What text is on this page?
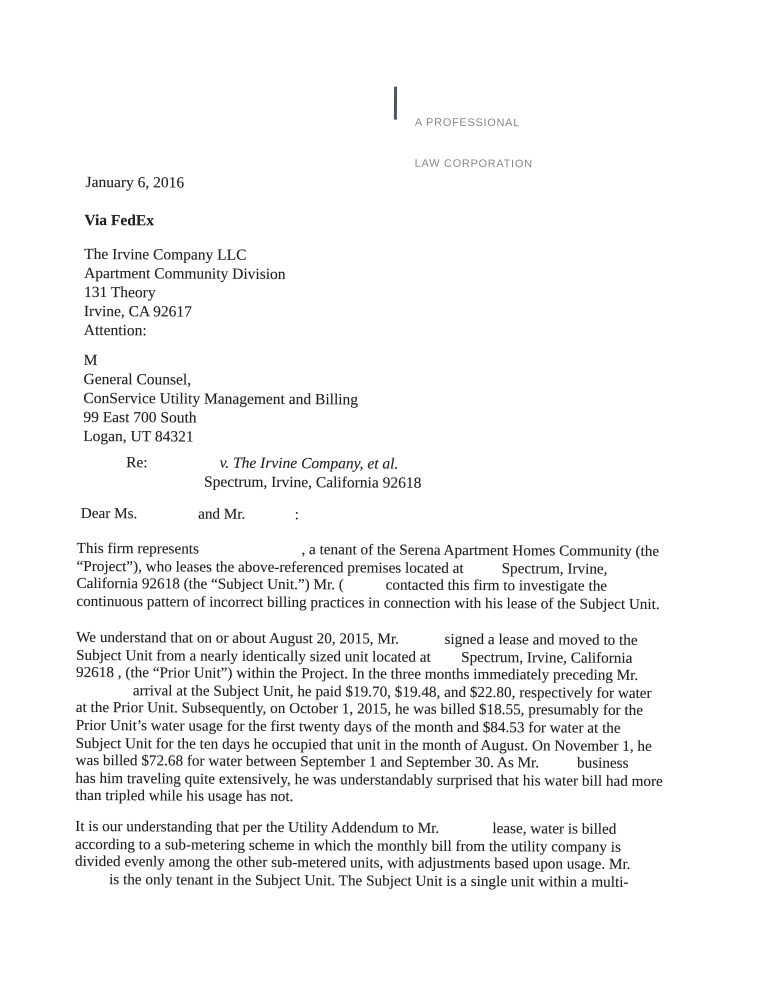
A PROFESSIONAL

LAW CORPORATION

January 6, 2016
Via FedEx
The Irvine Company LLC
Apartment Community Division
131 Theory
Irvine, CA 92617
Attention:
M
General Counsel,
ConService Utility Management and Billing
99 East 700 South
Logan, UT 84321
Re:	v. The Irvine Company, et al.
Spectrum, Irvine, California 92618
Dear Ms.                and Mr.             :
This firm represents                           , a tenant of the Serena Apartment Homes Community (the
“Project”), who leases the above-referenced premises located at          Spectrum, Irvine,
California 92618 (the “Subject Unit.”) Mr. (           contacted this firm to investigate the
continuous pattern of incorrect billing practices in connection with his lease of the Subject Unit.
We understand that on or about August 20, 2015, Mr.            signed a lease and moved to the
Subject Unit from a nearly identically sized unit located at        Spectrum, Irvine, California
92618 , (the “Prior Unit”) within the Project. In the three months immediately preceding Mr.
arrival at the Subject Unit, he paid $19.70, $19.48, and $22.80, respectively for water
at the Prior Unit. Subsequently, on October 1, 2015, he was billed $18.55, presumably for the
Prior Unit’s water usage for the first twenty days of the month and $84.53 for water at the
Subject Unit for the ten days he occupied that unit in the month of August. On November 1, he
was billed $72.68 for water between September 1 and September 30. As Mr.          business
has him traveling quite extensively, he was understandably surprised that his water bill had more
than tripled while his usage has not.
It is our understanding that per the Utility Addendum to Mr.              lease, water is billed
according to a sub-metering scheme in which the monthly bill from the utility company is
divided evenly among the other sub-metered units, with adjustments based upon usage. Mr.
is the only tenant in the Subject Unit. The Subject Unit is a single unit within a multi-
